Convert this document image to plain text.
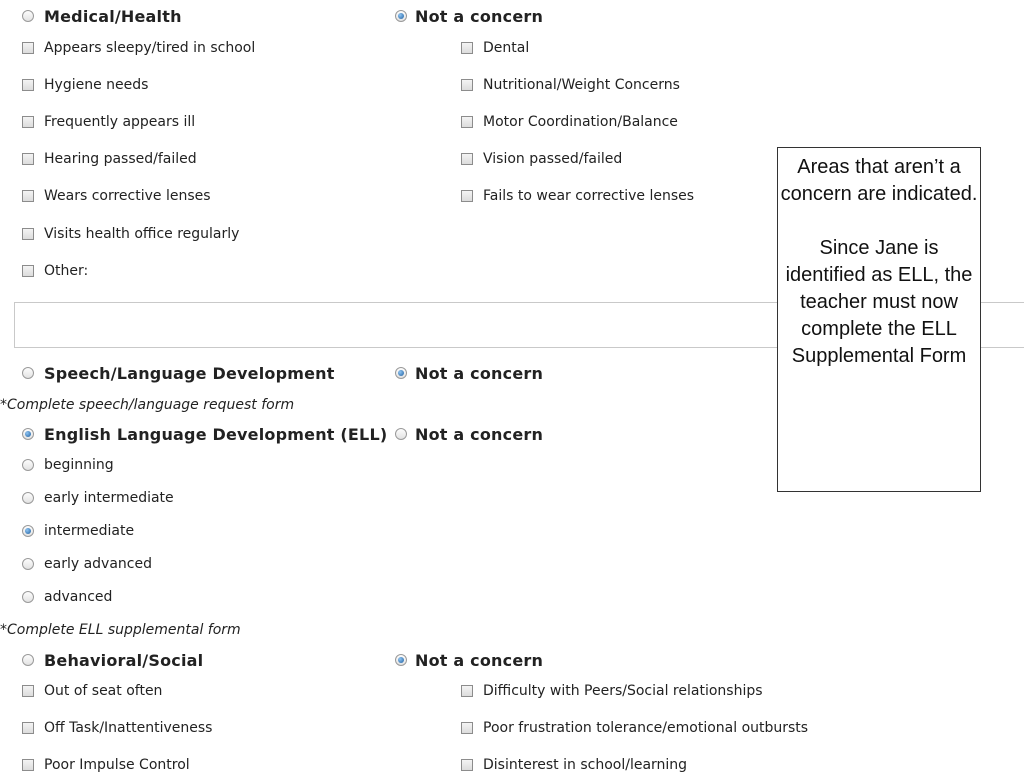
Medical/Health	Not a concern
Appears sleepy/tired in school
Hygiene needs
Frequently appears ill
Hearing passed/failed
Wears corrective lenses
Visits health office regularly
Other:
Dental
Nutritional/Weight Concerns
Motor Coordination/Balance
Vision passed/failed
Fails to wear corrective lenses
Speech/Language Development	Not a concern
*Complete speech/language request form
English Language Development (ELL) Not a concern
beginning
early intermediate
intermediate
early advanced
advanced
*Complete ELL supplemental form
Behavioral/Social	Not a concern
Out of seat often
Off Task/Inattentiveness
Poor Impulse Control
Difficulty with Peers/Social relationships
Poor frustration tolerance/emotional outbursts
Disinterest in school/learning

Areas that aren’t a concern are indicated.

Since Jane is identified as ELL, the teacher must now complete the ELL Supplemental Form
